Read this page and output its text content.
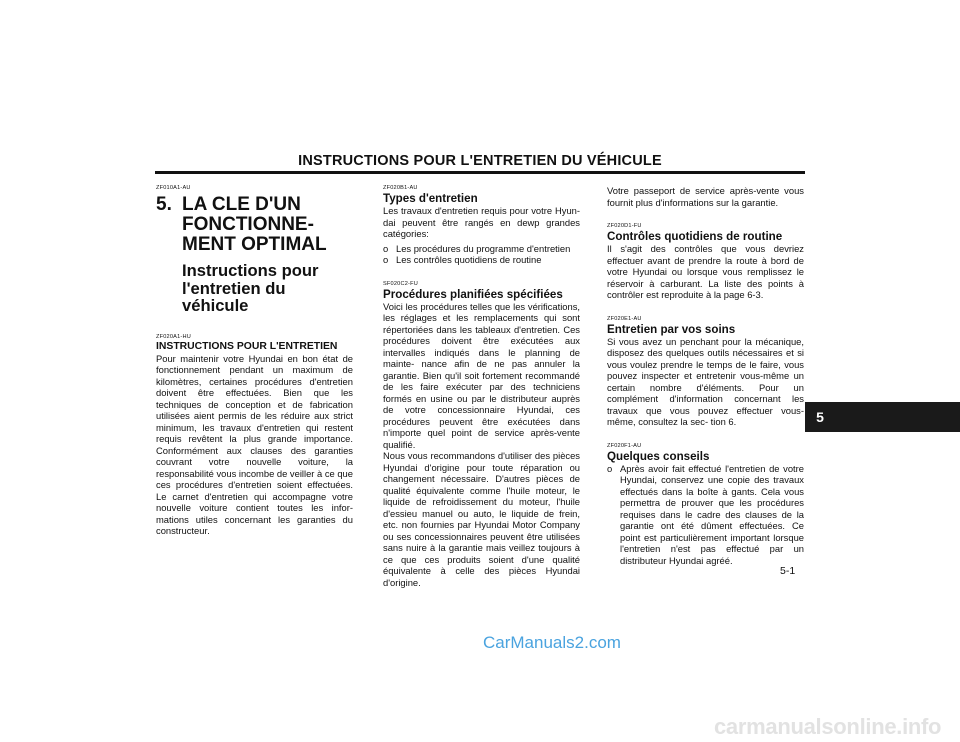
INSTRUCTIONS POUR L'ENTRETIEN DU VÉHICULE
ZF010A1-AU
5. LA CLE D'UN
FONCTIONNE-
MENT OPTIMAL
Instructions pour
l'entretien du véhicule
ZF020A1-HU
INSTRUCTIONS POUR L'ENTRETIEN
Pour maintenir votre Hyundai en bon état de fonctionnement pendant un maximum de kilomètres, certaines procédures d'entretien doivent être effectuées. Bien que les techniques de conception et de fabrication utilisées aient permis de les réduire aux strict minimum, les travaux d'entretien qui restent requis revêtent la plus grande importance. Conformément aux clauses des garanties couvrant votre nouvelle voiture, la responsabilité vous incombe de veiller à ce que ces procédures d'entretien soient effectuées. Le carnet d'entretien qui accompagne votre nouvelle voiture contient toutes les infor- mations utiles concernant les garanties du constructeur.
ZF020B1-AU
Types d'entretien
Les travaux d'entretien requis pour votre Hyun- dai peuvent être rangés en dewp grandes catégories:
o Les procédures du programme d'entretien
o Les contrôles quotidiens de routine
SF020C2-FU
Procédures planifiées spécifiées
Voici les procédures telles que les vérifications, les réglages et les remplacements qui sont répertoriées dans les tableaux d'entretien. Ces procédures doivent être exécutées aux intervalles indiqués dans le planning de mainte- nance afin de ne pas annuler la garantie. Bien qu'il soit fortement recommandé de les faire exécuter par des techniciens formés en usine ou par le distributeur auprès de votre concessionnaire Hyundai, ces procédures peuvent être exécutées dans n'importe quel point de service après-vente qualifié.
Nous vous recommandons d'utiliser des pièces Hyundai d'origine pour toute réparation ou changement nécessaire. D'autres pièces de qualité équivalente comme l'huile moteur, le liquide de refroidissement du moteur, l'huile d'essieu manuel ou auto, le liquide de frein, etc. non fournies par Hyundai Motor Company ou ses concessionnaires peuvent être utilisées sans nuire à la garantie mais veillez toujours à ce que ces produits soient d'une qualité équivalente à celle des pièces Hyundai d'origine.
Votre passeport de service après-vente vous fournit plus d'informations sur la garantie.
ZF020D1-FU
Contrôles quotidiens de routine
Il s'agit des contrôles que vous devriez effectuer avant de prendre la route à bord de votre Hyundai ou lorsque vous remplissez le réservoir à carburant. La liste des points à contrôler est reproduite à la page 6-3.
ZF020E1-AU
Entretien par vos soins
Si vous avez un penchant pour la mécanique, disposez des quelques outils nécessaires et si vous voulez prendre le temps de le faire, vous pouvez inspecter et entretenir vous-même un certain nombre d'éléments. Pour un complément d'information concernant les travaux que vous pouvez effectuer vous-même, consultez la sec- tion 6.
ZF020F1-AU
Quelques conseils
o Après avoir fait effectué l'entretien de votre Hyundai, conservez une copie des travaux effectués dans la boîte à gants. Cela vous permettra de prouver que les procédures requises dans le cadre des clauses de la garantie ont été dûment effectuées. Ce point est particulièrement important lorsque l'entretien n'est pas effectué par un distributeur Hyundai agréé.
5
5-1
CarManuals2.com
carmanualsonline.info
